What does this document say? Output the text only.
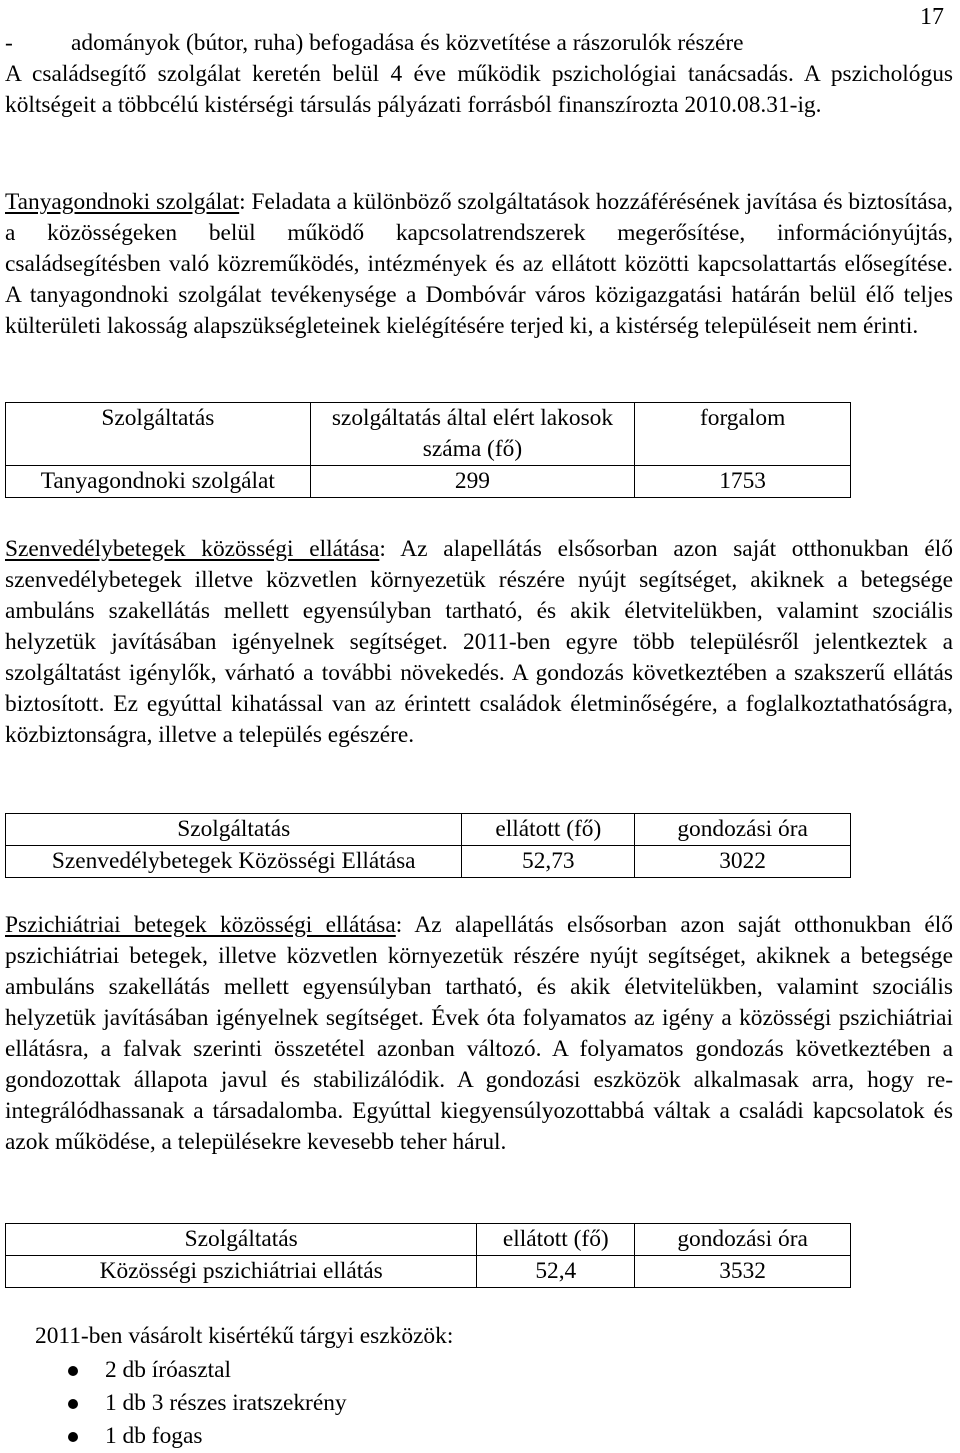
17
- adományok (bútor, ruha) befogadása és közvetítése a rászorulók részére

A családsegítő szolgálat keretén belül 4 éve működik pszichológiai tanácsadás. A pszichológus költségeit a többcélú kistérségi társulás pályázati forrásból finanszírozta 2010.08.31-ig.

Tanyagondnoki szolgálat: Feladata a különböző szolgáltatások hozzáférésének javítása és biztosítása, a közösségeken belül működő kapcsolatrendszerek megerősítése, információnyújtás, családsegítésben való közreműködés, intézmények és az ellátott közötti kapcsolattartás elősegítése. A tanyagondnoki szolgálat tevékenysége a Dombóvár város közigazgatási határán belül élő teljes külterületi lakosság alapszükségleteinek kielégítésére terjed ki, a kistérség településeit nem érinti.

Szolgáltatás	szolgáltatás által elért lakosok száma (fő)	forgalom
Tanyagondnoki szolgálat	299	1753

Szenvedélybetegek közösségi ellátása: Az alapellátás elsősorban azon saját otthonukban élő szenvedélybetegek illetve közvetlen környezetük részére nyújt segítséget, akiknek a betegsége ambuláns szakellátás mellett egyensúlyban tartható, és akik életvitelükben, valamint szociális helyzetük javításában igényelnek segítséget. 2011-ben egyre több településről jelentkeztek a szolgáltatást igénylők, várható a további növekedés. A gondozás következtében a szakszerű ellátás biztosított. Ez egyúttal kihatással van az érintett családok életminőségére, a foglalkoztathatóságra, közbiztonságra, illetve a település egészére.

Szolgáltatás	ellátott (fő)	gondozási óra
Szenvedélybetegek Közösségi Ellátása	52,73	3022

Pszichiátriai betegek közösségi ellátása: Az alapellátás elsősorban azon saját otthonukban élő pszichiátriai betegek, illetve közvetlen környezetük részére nyújt segítséget, akiknek a betegsége ambuláns szakellátás mellett egyensúlyban tartható, és akik életvitelükben, valamint szociális helyzetük javításában igényelnek segítséget. Évek óta folyamatos az igény a közösségi pszichiátriai ellátásra, a falvak szerinti összetétel azonban változó. A folyamatos gondozás következtében a gondozottak állapota javul és stabilizálódik. A gondozási eszközök alkalmasak arra, hogy re-integrálódhassanak a társadalomba. Egyúttal kiegyensúlyozottabbá váltak a családi kapcsolatok és azok működése, a településekre kevesebb teher hárul.

Szolgáltatás	ellátott (fő)	gondozási óra
Közösségi pszichiátriai ellátás	52,4	3532
2011-ben vásárolt kisértékű tárgyi eszközök:
2 db íróasztal
1 db 3 részes iratszekrény
1 db fogas
